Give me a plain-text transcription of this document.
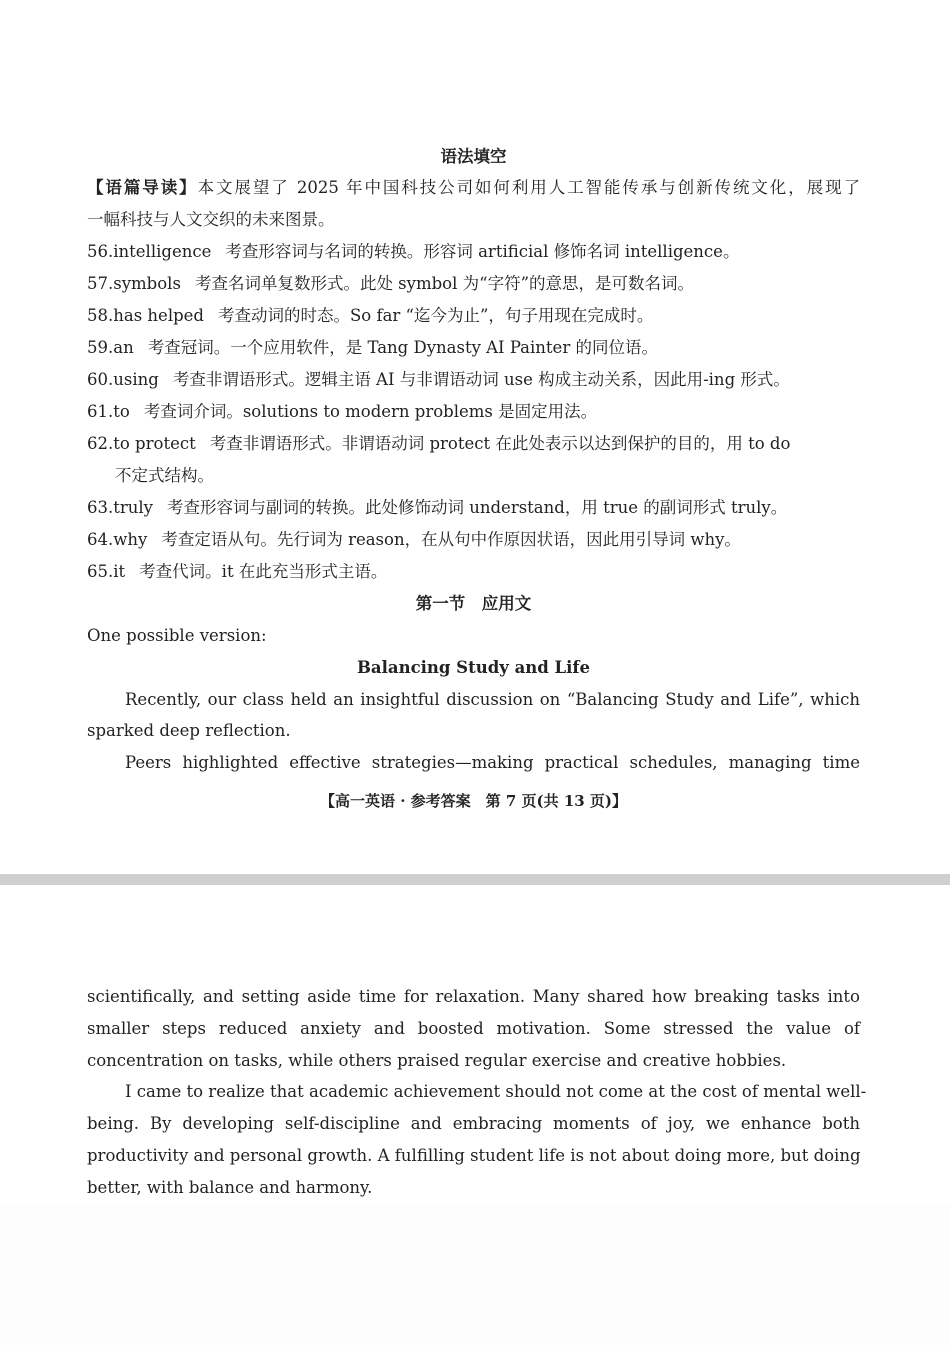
语法填空
【语篇导读】本文展望了 2025 年中国科技公司如何利用人工智能传承与创新传统文化，展现了
一幅科技与人文交织的未来图景。
56.intelligence 考查形容词与名词的转换。形容词 artificial 修饰名词 intelligence。
57.symbols 考查名词单复数形式。此处 symbol 为“字符”的意思，是可数名词。
58.has helped 考查动词的时态。So far “迄今为止”，句子用现在完成时。
59.an 考查冠词。一个应用软件，是 Tang Dynasty AI Painter 的同位语。
60.using 考查非谓语形式。逻辑主语 AI 与非谓语动词 use 构成主动关系，因此用-ing 形式。
61.to 考查词介词。solutions to modern problems 是固定用法。
62.to protect 考查非谓语形式。非谓语动词 protect 在此处表示以达到保护的目的，用 to do
不定式结构。
63.truly 考查形容词与副词的转换。此处修饰动词 understand，用 true 的副词形式 truly。
64.why 考查定语从句。先行词为 reason，在从句中作原因状语，因此用引导词 why。
65.it 考查代词。it 在此充当形式主语。
第一节　应用文
One possible version:
Balancing Study and Life
Recently, our class held an insightful discussion on “Balancing Study and Life”, which
sparked deep reflection.
Peers highlighted effective strategies—making practical schedules, managing time
【高一英语 · 参考答案　第 7 页(共 13 页)】
scientifically, and setting aside time for relaxation. Many shared how breaking tasks into
smaller steps reduced anxiety and boosted motivation. Some stressed the value of
concentration on tasks, while others praised regular exercise and creative hobbies.
I came to realize that academic achievement should not come at the cost of mental well-
being. By developing self-discipline and embracing moments of joy, we enhance both
productivity and personal growth. A fulfilling student life is not about doing more, but doing
better, with balance and harmony.
